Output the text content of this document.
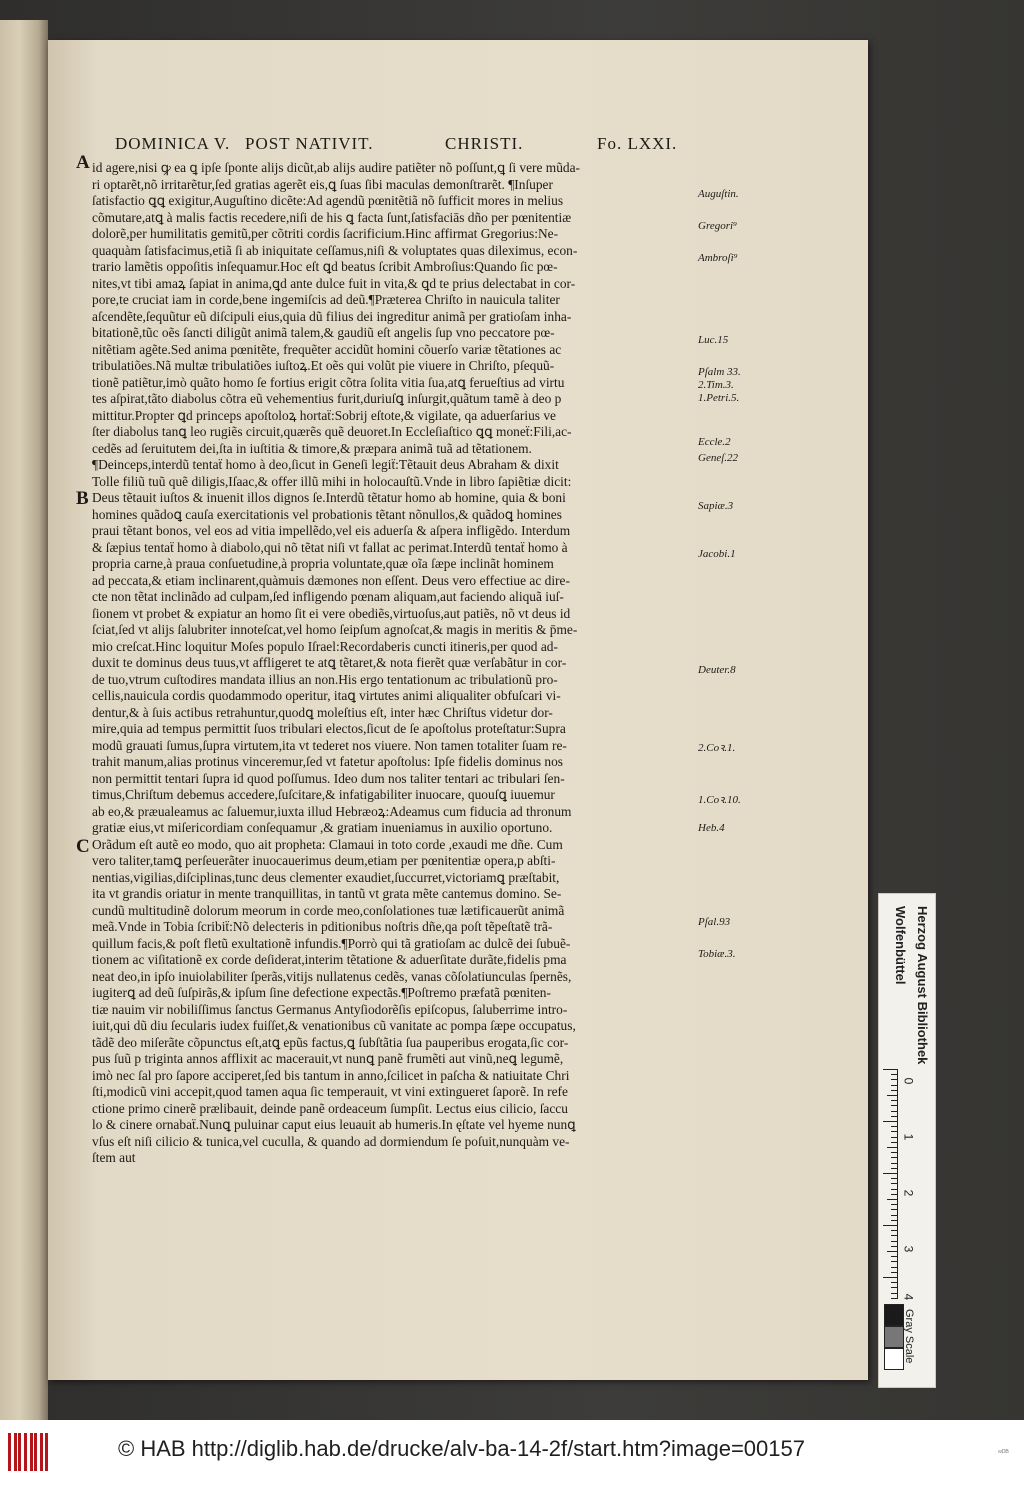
DOMINICA V. POST NATIVIT.	CHRISTI.	Fo. LXXI.
A
B
C
id agere,nisi ꝙ ea ꝗ ipſe ſponte alijs dicũt,ab alijs audire patiẽter nõ poſſunt,ꝗ ſi vere mũda-
ri optarẽt,nõ irritarẽtur,ſed gratias agerẽt eis,ꝗ ſuas ſibi maculas demonſtrarẽt. ¶Inſuper
ſatisfactio ꝗꝗ exigitur,Auguſtino dicẽte:Ad agendũ pœnitẽtiã nõ ſufficit mores in melius
cõmutare,atꝗ à malis factis recedere,niſi de his ꝗ facta ſunt,ſatisfaciās dño per pœnitentiæ
dolorẽ,per humilitatis gemitũ,per cõtriti cordis ſacrificium.Hinc affirmat Gregorius:Ne-
quaquàm ſatisfacimus,etiã ſi ab iniquitate ceſſamus,niſi & voluptates quas dileximus, econ-
trario lamẽtis oppoſitis inſequamur.Hoc eſt ꝗd beatus ſcribit Ambroſius:Quando ſic pœ-
nites,vt tibi amaꝝ ſapiat in anima,ꝗd ante dulce fuit in vita,& ꝗd te prius delectabat in cor-
pore,te cruciat iam in corde,bene ingemiſcis ad deũ.¶Præterea Chriſto in nauicula taliter
aſcendẽte,ſequũtur eũ diſcipuli eius,quia dũ filius dei ingreditur animã per gratioſam inha-
bitationẽ,tũc oẽs ſancti diligũt animã talem,& gaudiũ eſt angelis ſup vno peccatore pœ-
nitẽtiam agẽte.Sed anima pœnitẽte, frequẽter accidũt homini cõuerſo variæ tẽtationes ac
tribulatiões.Nã multæ tribulatiões iuſtoꝝ.Et oẽs qui volũt pie viuere in Chriſto, pſequũ-
tionẽ patiẽtur,imò quãto homo ſe fortius erigit cõtra ſolita vitia ſua,atꝗ ferueſtius ad virtu
tes aſpirat,tãto diabolus cõtra eũ vehementius furit,duriuſꝗ inſurgit,quãtum tamẽ à deo p
mittitur.Propter ꝗd princeps apoſtoloꝝ hortaẗ:Sobrij eſtote,& vigilate, qa aduerſarius ve
ſter diabolus tanꝗ leo rugiẽs circuit,quærẽs quẽ deuoret.In Eccleſiaſtico ꝗꝗ moneẗ:Fili,ac-
cedẽs ad ſeruitutem dei,ſta in iuſtitia & timore,& præpara animã tuã ad tẽtationem.
¶Deinceps,interdũ tentaẗ homo à deo,ſicut in Geneſi legiẗ:Tẽtauit deus Abraham & dixit
Tolle filiũ tuũ quẽ diligis,Iſaac,& offer illũ mihi in holocauſtũ.Vnde in libro ſapiẽtiæ dicit:
Deus tẽtauit iuſtos & inuenit illos dignos ſe.Interdũ tẽtatur homo ab homine, quia & boni
homines quãdoꝗ cauſa exercitationis vel probationis tẽtant nõnullos,& quãdoꝗ homines
praui tẽtant bonos, vel eos ad vitia impellẽdo,vel eis aduerſa & aſpera infligẽdo. Interdum
& ſæpius tentaẗ homo à diabolo,qui nõ tẽtat niſi vt fallat ac perimat.Interdũ tentaẗ homo à
propria carne,à praua conſuetudine,à propria voluntate,quæ oĩa ſæpe inclinãt hominem
ad peccata,& etiam inclinarent,quàmuis dæmones non eſſent. Deus vero effectiue ac dire-
cte non tẽtat inclinãdo ad culpam,ſed infligendo pœnam aliquam,aut faciendo aliquã iuſ-
ſionem vt probet & expiatur an homo ſit ei vere obediẽs,virtuoſus,aut patiẽs, nõ vt deus id
ſciat,ſed vt alijs ſalubriter innoteſcat,vel homo ſeipſum agnoſcat,& magis in meritis & p̄me-
mio creſcat.Hinc loquitur Moſes populo Iſrael:Recordaberis cuncti itineris,per quod ad-
duxit te dominus deus tuus,vt affligeret te atꝗ tẽtaret,& nota fierẽt quæ verſabãtur in cor-
de tuo,vtrum cuſtodires mandata illius an non.His ergo tentationum ac tribulationũ pro-
cellis,nauicula cordis quodammodo operitur, itaꝗ virtutes animi aliqualiter obfuſcari vi-
dentur,& à ſuis actibus retrahuntur,quodꝗ moleſtius eſt, inter hæc Chriſtus videtur dor-
mire,quia ad tempus permittit ſuos tribulari electos,ſicut de ſe apoſtolus proteſtatur:Supra
modũ grauati ſumus,ſupra virtutem,ita vt tederet nos viuere. Non tamen totaliter ſuam re-
trahit manum,alias protinus vinceremur,ſed vt fatetur apoſtolus: Ipſe fidelis dominus nos
non permittit tentari ſupra id quod poſſumus. Ideo dum nos taliter tentari ac tribulari ſen-
timus,Chriſtum debemus accedere,ſuſcitare,& infatigabiliter inuocare, quouſꝗ iuuemur
ab eo,& præualeamus ac ſaluemur,iuxta illud Hebræoꝝ:Adeamus cum fiducia ad thronum
gratiæ eius,vt miſericordiam conſequamur ,& gratiam inueniamus in auxilio oportuno.
Orãdum eſt autẽ eo modo, quo ait propheta: Clamaui in toto corde ,exaudi me dñe. Cum
vero taliter,tamꝗ perſeuerãter inuocauerimus deum,etiam per pœnitentiæ opera,p abſti-
nentias,vigilias,diſciplinas,tunc deus clementer exaudiet,ſuccurret,victoriamꝗ præſtabit,
ita vt grandis oriatur in mente tranquillitas, in tantũ vt grata mẽte cantemus domino. Se-
cundũ multitudinẽ dolorum meorum in corde meo,conſolationes tuæ lætificauerũt animã
meã.Vnde in Tobia ſcribiẗ:Nõ delecteris in pditionibus noſtris dñe,qa poſt tẽpeſtatẽ trã-
quillum facis,& poſt fletũ exultationẽ infundis.¶Porrò qui tã gratioſam ac dulcẽ dei ſubuẽ-
tionem ac viſitationẽ ex corde deſiderat,interim tẽtatione & aduerſitate durãte,fidelis pma
neat deo,in ipſo inuiolabiliter ſperãs,vitijs nullatenus cedẽs, vanas cõſolatiunculas ſpernẽs,
iugiterꝗ ad deũ ſuſpirãs,& ipſum ſine defectione expectãs.¶Poſtremo præfatã pœniten-
tiæ nauim vir nobiliſſimus ſanctus Germanus Antyſiodorẽſis epiſcopus, ſaluberrime intro-
iuit,qui dũ diu ſecularis iudex fuiſſet,& venationibus cũ vanitate ac pompa ſæpe occupatus,
tãdẽ deo miſerãte cõpunctus eſt,atꝗ epũs factus,ꝗ ſubſtãtia ſua pauperibus erogata,ſic cor-
pus ſuũ p triginta annos afflixit ac macerauit,vt nunꝗ panẽ frumẽti aut vinũ,neꝗ legumẽ,
imò nec ſal pro ſapore acciperet,ſed bis tantum in anno,ſcilicet in paſcha & natiuitate Chri
ſti,modicũ vini accepit,quod tamen aqua ſic temperauit, vt vini extingueret ſaporẽ. In refe
ctione primo cinerẽ prælibauit, deinde panẽ ordeaceum ſumpſit. Lectus eius cilicio, ſaccu
lo & cinere ornabaẗ.Nunꝗ puluinar caput eius leuauit ab humeris.In ęſtate vel hyeme nunꝗ
vſus eſt niſi cilicio & tunica,vel cuculla, & quando ad dormiendum ſe poſuit,nunquàm ve-
ſtem aut
Auguſtin.
Gregori⁹
Ambroſi⁹
Luc.15
Pſalm 33.
2.Tim.3.
1.Petri.5.
Eccle.2
Geneſ.22
Sapiæ.3
Jacobi.1
Deuter.8
2.Coꝛ.1.
1.Coꝛ.10.
Heb.4
Pſal.93
Tobiæ.3.	Herzog August Bibliothek
Wolfenbüttel
0
1
2
3
4
Gray Scale
© HAB http://diglib.hab.de/drucke/alv-ba-14-2f/start.htm?image=00157	ʷᴰᴮ
